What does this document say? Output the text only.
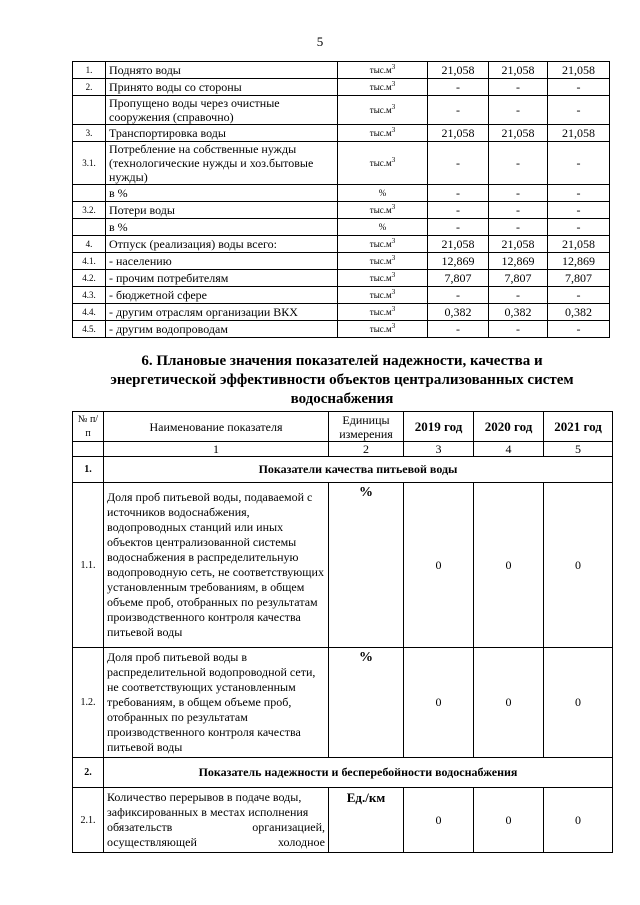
5
1.	Поднято воды	$тыс.м^3$	21,058	21,058	21,058
2.	Принято воды со стороны	$тыс.м^3$	-	-	-
	Пропущено воды через очистные сооружения (справочно)	$тыс.м^3$	-	-	-
3.	Транспортировка воды	$тыс.м^3$	21,058	21,058	21,058
3.1.	Потребление на собственные нужды (технологические нужды и хоз.бытовые нужды)	$тыс.м^3$	-	-	-
	в %	%	-	-	-
3.2.	Потери воды	$тыс.м^3$	-	-	-
	в %	%	-	-	-
4.	Отпуск (реализация) воды всего:	$тыс.м^3$	21,058	21,058	21,058
4.1.	- населению	$тыс.м^3$	12,869	12,869	12,869
4.2.	- прочим потребителям	$тыс.м^3$	7,807	7,807	7,807
4.3.	- бюджетной сфере	$тыс.м^3$	-	-	-
4.4.	- другим отраслям организации ВКХ	$тыс.м^3$	0,382	0,382	0,382
4.5.	- другим водопроводам	$тыс.м^3$	-	-	-
6. Плановые значения показателей надежности, качества и
энергетической эффективности объектов централизованных систем
водоснабжения
№ п/п	Наименование показателя	Единицы измерения	2019 год	2020 год	2021 год
	1	2	3	4	5
1.	Показатели качества питьевой воды				
1.1.	Доля проб питьевой воды, подаваемой с источников водоснабжения, водопроводных станций или иных объектов централизованной системы водоснабжения в распределительную водопроводную сеть, не соответствующих установленным требованиям, в общем объеме проб, отобранных по результатам производственного контроля качества питьевой воды	%	0	0	0
1.2.	Доля проб питьевой воды в распределительной водопроводной сети, не соответствующих установленным требованиям, в общем объеме проб, отобранных по результатам производственного контроля качества питьевой воды	%	0	0	0
2.	Показатель надежности и бесперебойности водоснабжения				
2.1.	Количество перерывов в подаче воды,
зафиксированных в местах исполнения
обязательств организацией,
осуществляющей холодное	Ед./км	0	0	0
